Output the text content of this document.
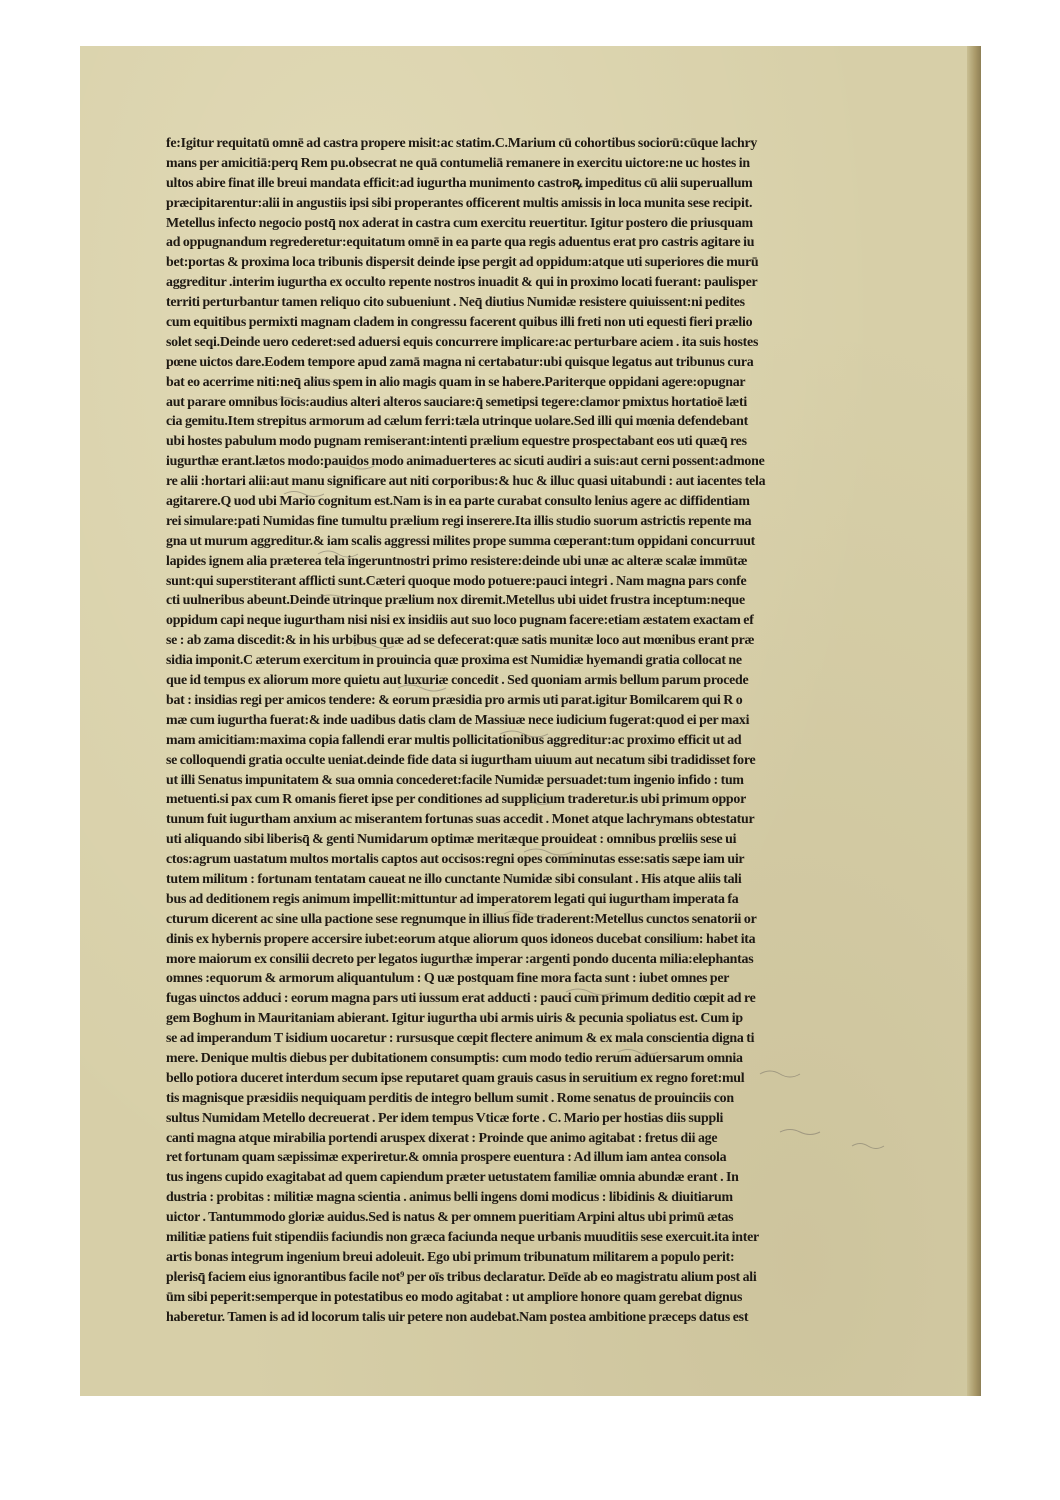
fe:Igitur requitatū omnē ad castra propere misit:ac statim.C.Marium cū cohortibus sociorū:cūque lachry
mans per amicitiā:perq Rem pu.obsecrat ne quā contumeliā remanere in exercitu uictore:ne uc hostes in
ultos abire finat ille breui mandata efficit:ad iugurtha munimento castroꝶ impeditus cū alii superuallum
præcipitarentur:alii in angustiis ipsi sibi properantes officerent multis amissis in loca munita sese recipit.
Metellus infecto negocio postq̄ nox aderat in castra cum exercitu reuertitur. Igitur postero die priusquam
ad oppugnandum regrederetur:equitatum omnē in ea parte qua regis aduentus erat pro castris agitare iu
bet:portas & proxima loca tribunis dispersit deinde ipse pergit ad oppidum:atque uti superiores die murū
aggreditur .interim iugurtha ex occulto repente nostros inuadit & qui in proximo locati fuerant: paulisper
territi perturbantur tamen reliquo cito subueniunt . Neq̄ diutius Numidæ resistere quiuissent:ni pedites
cum equitibus permixti magnam cladem in congressu facerent quibus illi freti non uti equesti fieri prælio
solet seqi.Deinde uero cederet:sed aduersi equis concurrere implicare:ac perturbare aciem . ita suis hostes
pœne uictos dare.Eodem tempore apud zamā magna ni certabatur:ubi quisque legatus aut tribunus cura
bat eo acerrime niti:neq̄ alius spem in alio magis quam in se habere.Pariterque oppidani agere:opugnar
aut parare omnibus locis:audius alteri alteros sauciare:q̄ semetipsi tegere:clamor pmixtus hortatioē læti
cia gemitu.Item strepitus armorum ad cælum ferri:tæla utrinque uolare.Sed illi qui mœnia defendebant
ubi hostes pabulum modo pugnam remiserant:intenti prælium equestre prospectabant eos uti quæq̄ res
iugurthæ erant.lætos modo:pauidos modo animaduerteres ac sicuti audiri a suis:aut cerni possent:admone
re alii :hortari alii:aut manu significare aut niti corporibus:& huc & illuc quasi uitabundi : aut iacentes tela
agitarere.Q uod ubi Mario cognitum est.Nam is in ea parte curabat consulto lenius agere ac diffidentiam
rei simulare:pati Numidas fine tumultu prælium regi inserere.Ita illis studio suorum astrictis repente ma
gna ut murum aggreditur.& iam scalis aggressi milites prope summa cœperant:tum oppidani concurruut
lapides ignem alia præterea tela ingeruntnostri primo resistere:deinde ubi unæ ac alteræ scalæ immūtæ
sunt:qui superstiterant afflicti sunt.Cæteri quoque modo potuere:pauci integri . Nam magna pars confe
cti uulneribus abeunt.Deinde utrinque prælium nox diremit.Metellus ubi uidet frustra inceptum:neque
oppidum capi neque iugurtham nisi nisi ex insidiis aut suo loco pugnam facere:etiam æstatem exactam ef
se : ab zama discedit:& in his urbibus quæ ad se defecerat:quæ satis munitæ loco aut mœnibus erant præ
sidia imponit.C æterum exercitum in prouincia quæ proxima est Numidiæ hyemandi gratia collocat ne
que id tempus ex aliorum more quietu aut luxuriæ concedit . Sed quoniam armis bellum parum procede
bat : insidias regi per amicos tendere: & eorum præsidia pro armis uti parat.igitur Bomilcarem qui R o
mæ cum iugurtha fuerat:& inde uadibus datis clam de Massiuæ nece iudicium fugerat:quod ei per maxi
mam amicitiam:maxima copia fallendi erar multis pollicitationibus aggreditur:ac proximo efficit ut ad
se colloquendi gratia occulte ueniat.deinde fide data si iugurtham uiuum aut necatum sibi tradidisset fore
ut illi Senatus impunitatem & sua omnia concederet:facile Numidæ persuadet:tum ingenio infido : tum
metuenti.si pax cum R omanis fieret ipse per conditiones ad supplicium traderetur.is ubi primum oppor
tunum fuit iugurtham anxium ac miserantem fortunas suas accedit . Monet atque lachrymans obtestatur
uti aliquando sibi liberisq̄ & genti Numidarum optimæ meritæque prouideat : omnibus prœliis sese ui
ctos:agrum uastatum multos mortalis captos aut occisos:regni opes comminutas esse:satis sæpe iam uir
tutem militum : fortunam tentatam caueat ne illo cunctante Numidæ sibi consulant . His atque aliis tali
bus ad deditionem regis animum impellit:mittuntur ad imperatorem legati qui iugurtham imperata fa
cturum dicerent ac sine ulla pactione sese regnumque in illius fide traderent:Metellus cunctos senatorii or
dinis ex hybernis propere accersire iubet:eorum atque aliorum quos idoneos ducebat consilium: habet ita
more maiorum ex consilii decreto per legatos iugurthæ imperar :argenti pondo ducenta milia:elephantas
omnes :equorum & armorum aliquantulum : Q uæ postquam fine mora facta sunt : iubet omnes per
fugas uinctos adduci : eorum magna pars uti iussum erat adducti : pauci cum primum deditio cœpit ad re
gem Boghum in Mauritaniam abierant. Igitur iugurtha ubi armis uiris & pecunia spoliatus est. Cum ip
se ad imperandum T isidium uocaretur : rursusque cœpit flectere animum & ex mala conscientia digna ti
mere. Denique multis diebus per dubitationem consumptis: cum modo tedio rerum aduersarum omnia
bello potiora duceret interdum secum ipse reputaret quam grauis casus in seruitium ex regno foret:mul
tis magnisque præsidiis nequiquam perditis de integro bellum sumit . Rome senatus de prouinciis con
sultus Numidam Metello decreuerat . Per idem tempus Vticæ forte . C. Mario per hostias diis suppli
canti magna atque mirabilia portendi aruspex dixerat : Proinde que animo agitabat : fretus dii age
ret fortunam quam sæpissimæ experiretur.& omnia prospere euentura : Ad illum iam antea consola
tus ingens cupido exagitabat ad quem capiendum præter uetustatem familiæ omnia abundæ erant . In
dustria : probitas : militiæ magna scientia . animus belli ingens domi modicus : libidinis & diuitiarum
uictor . Tantummodo gloriæ auidus.Sed is natus & per omnem pueritiam Arpini altus ubi primū ætas
militiæ patiens fuit stipendiis faciundis non græca faciunda neque urbanis muuditiis sese exercuit.ita inter
artis bonas integrum ingenium breui adoleuit. Ego ubi primum tribunatum militarem a populo perit:
plerisq̄ faciem eius ignorantibus facile not⁹ per oīs tribus declaratur. Deīde ab eo magistratu alium post ali
ūm sibi peperit:semperque in potestatibus eo modo agitabat : ut ampliore honore quam gerebat dignus
haberetur. Tamen is ad id locorum talis uir petere non audebat.Nam postea ambitione præceps datus est
